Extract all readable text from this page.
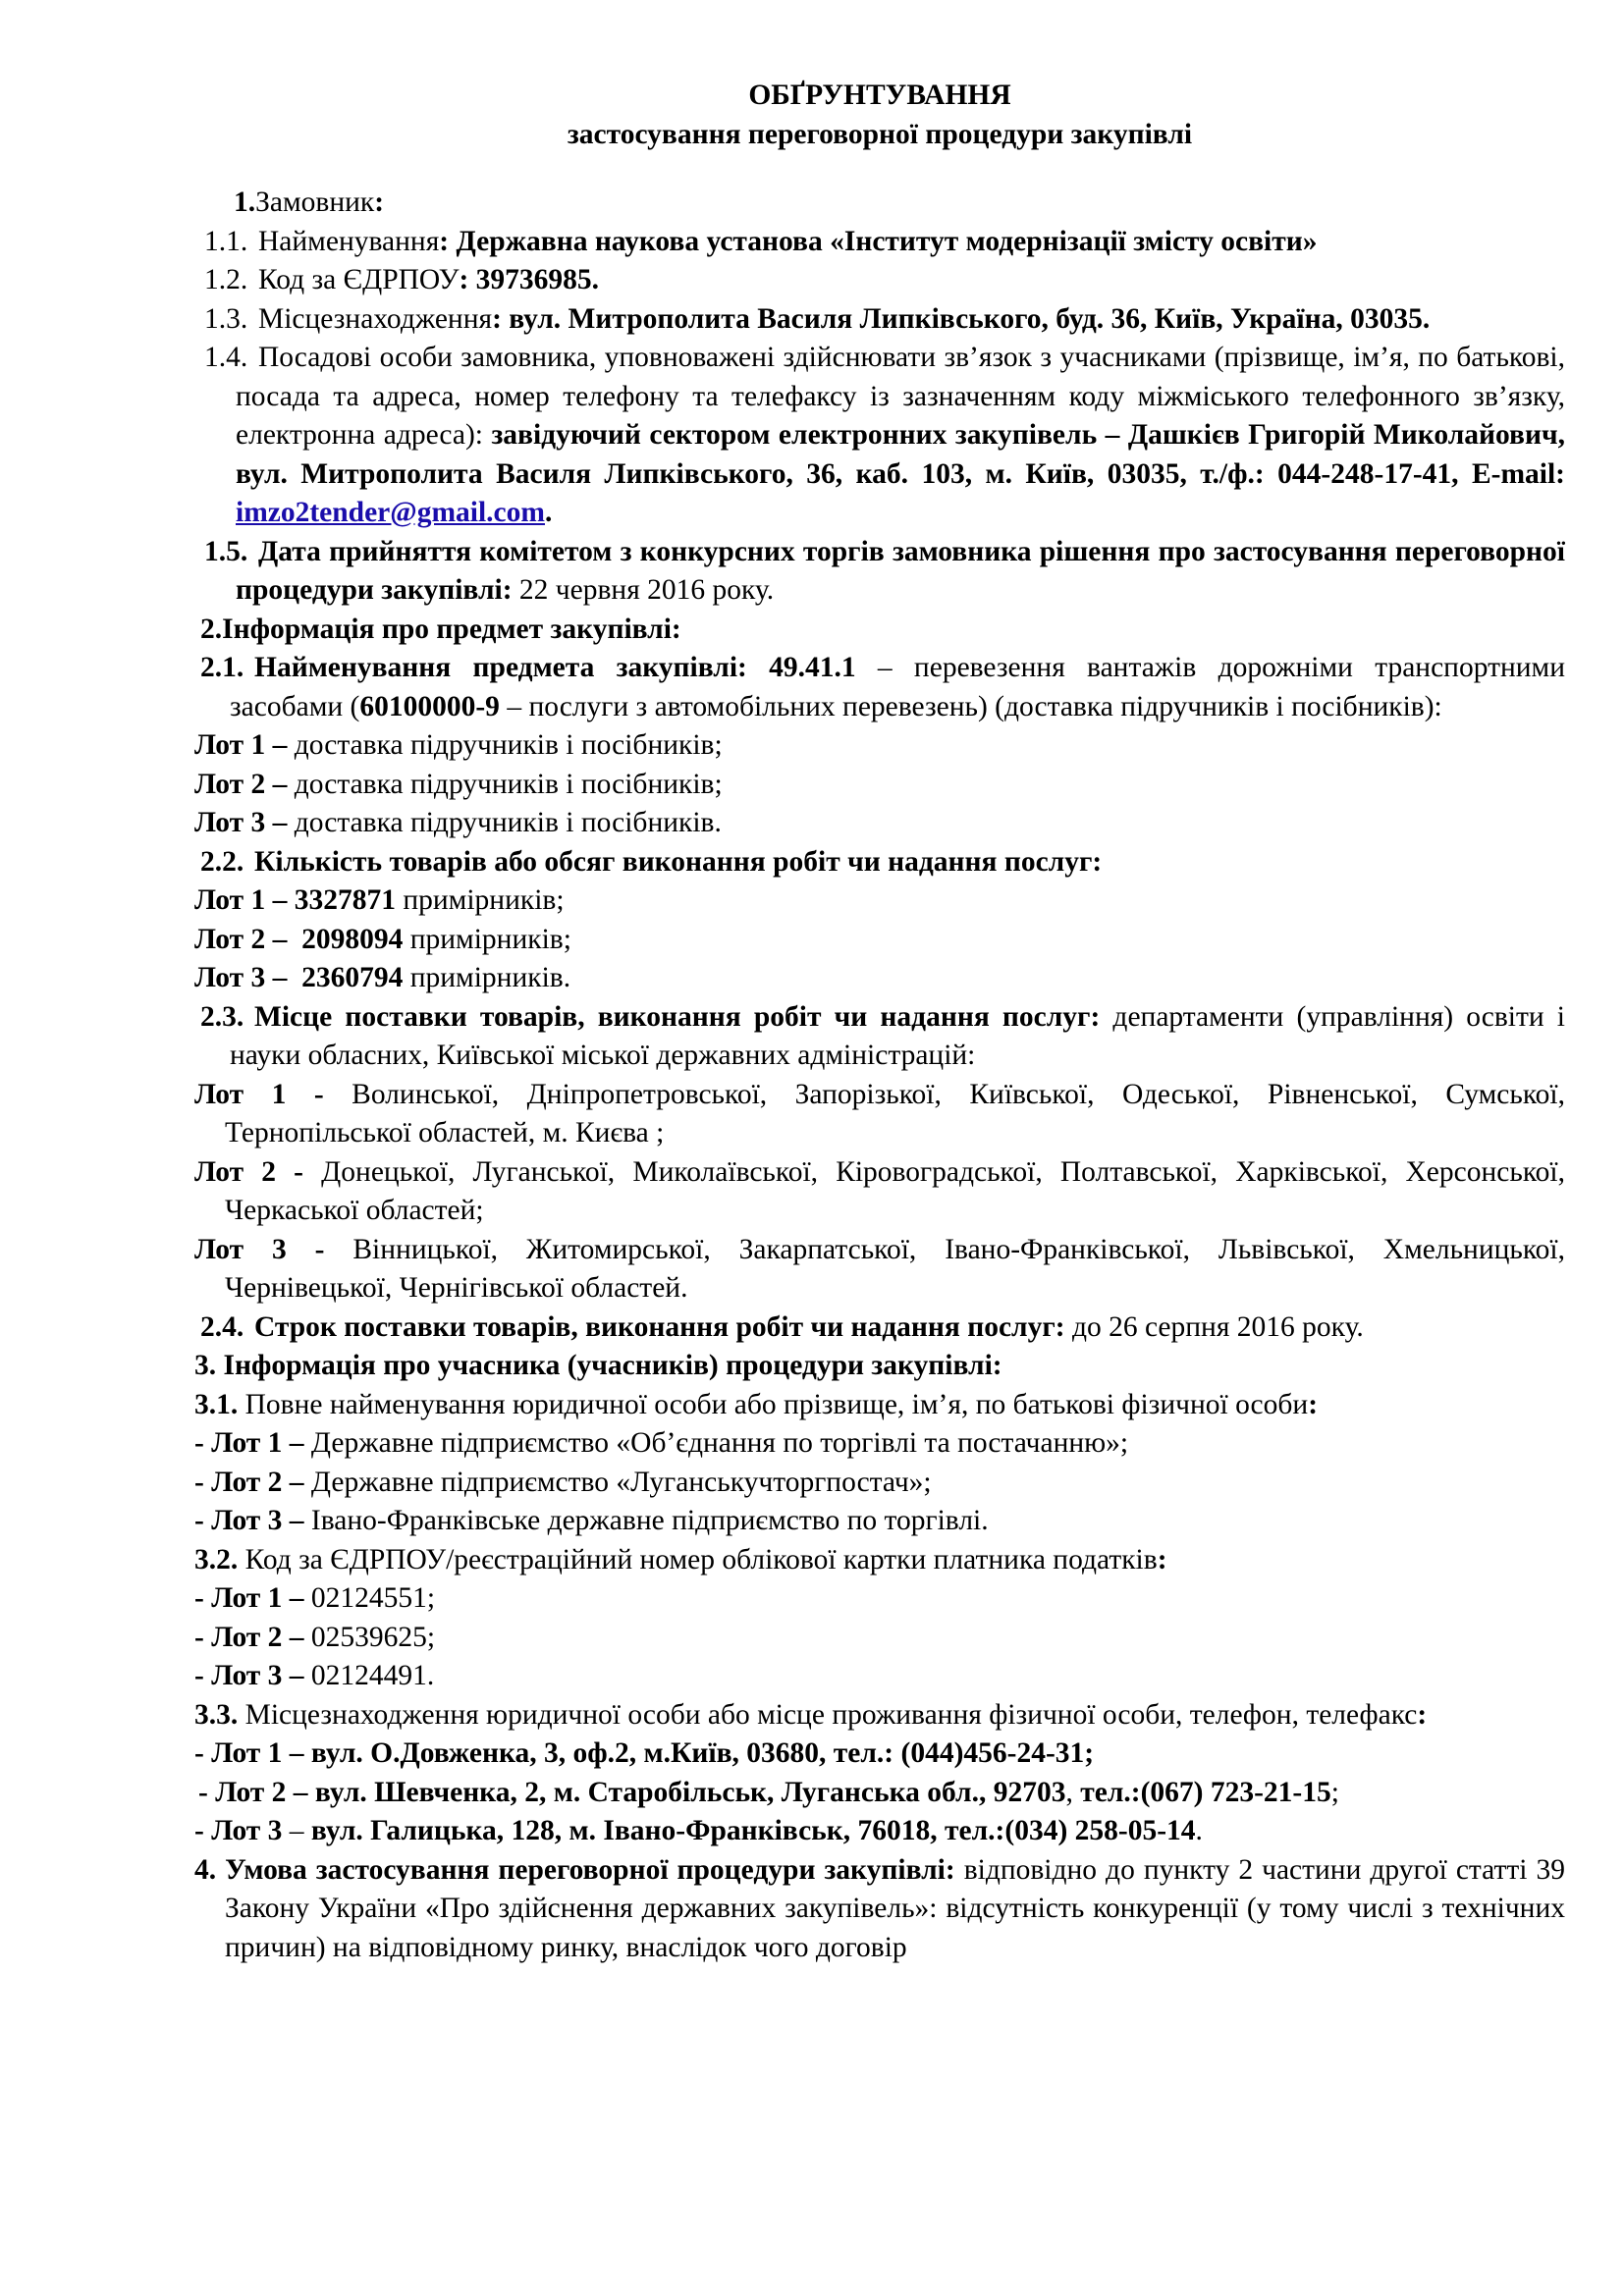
ОБҐРУНТУВАННЯ

застосування переговорної процедури закупівлі

1.Замовник:

1.1. Найменування: Державна наукова установа «Інститут модернізації змісту освіти»

1.2. Код за ЄДРПОУ: 39736985.

1.3. Місцезнаходження: вул. Митрополита Василя Липківського, буд. 36, Київ, Україна, 03035.

1.4. Посадові особи замовника, уповноважені здійснювати зв’язок з учасниками (прізвище, ім’я, по батькові, посада та адреса, номер телефону та телефаксу із зазначенням коду міжміського телефонного зв’язку, електронна адреса): завідуючий сектором електронних закупівель – Дашкієв Григорій Миколайович, вул. Митрополита Василя Липківського, 36, каб. 103, м. Київ, 03035, т./ф.: 044-248-17-41, E-mail: imzo2tender@gmail.com.

1.5. Дата прийняття комітетом з конкурсних торгів замовника рішення про застосування переговорної процедури закупівлі: 22 червня 2016 року.

2.Інформація про предмет закупівлі:

2.1. Найменування предмета закупівлі: 49.41.1 – перевезення вантажів дорожніми транспортними засобами (60100000-9 – послуги з автомобільних перевезень) (доставка підручників і посібників):

Лот 1 – доставка підручників і посібників;

Лот 2 – доставка підручників і посібників;

Лот 3 – доставка підручників і посібників.

2.2. Кількість товарів або обсяг виконання робіт чи надання послуг:

Лот 1 – 3327871 примірників;

Лот 2 –  2098094 примірників;

Лот 3 –  2360794 примірників.

2.3. Місце поставки товарів, виконання робіт чи надання послуг: департаменти (управління) освіти і науки обласних, Київської міської державних адміністрацій:

Лот 1 - Волинської, Дніпропетровської, Запорізької, Київської, Одеської, Рівненської, Сумської, Тернопільської областей, м. Києва ;

Лот 2 - Донецької, Луганської, Миколаївської, Кіровоградської, Полтавської, Харківської, Херсонської, Черкаської областей;

Лот 3 - Вінницької, Житомирської, Закарпатської, Івано-Франківської, Львівської, Хмельницької, Чернівецької, Чернігівської областей.

2.4. Строк поставки товарів, виконання робіт чи надання послуг: до 26 серпня 2016 року.

3. Інформація про учасника (учасників) процедури закупівлі:

3.1. Повне найменування юридичної особи або прізвище, ім’я, по батькові фізичної особи:

- Лот 1 – Державне підприємство «Об’єднання по торгівлі та постачанню»;

- Лот 2 – Державне підприємство «Луганськучторгпостач»;

- Лот 3 – Івано-Франківське державне підприємство по торгівлі.

3.2. Код за ЄДРПОУ/реєстраційний номер облікової картки платника податків:

- Лот 1 – 02124551;

- Лот 2 – 02539625;

- Лот 3 – 02124491.

3.3. Місцезнаходження юридичної особи або місце проживання фізичної особи, телефон, телефакс:

- Лот 1 – вул. О.Довженка, 3, оф.2, м.Київ, 03680, тел.: (044)456-24-31;

- Лот 2 – вул. Шевченка, 2, м. Старобільськ, Луганська обл., 92703, тел.:(067) 723-21-15;

- Лот 3 – вул. Галицька, 128, м. Івано-Франківськ, 76018, тел.:(034) 258-05-14.

4. Умова застосування переговорної процедури закупівлі: відповідно до пункту 2 частини другої статті 39 Закону України «Про здійснення державних закупівель»: відсутність конкуренції (у тому числі з технічних причин) на відповідному ринку, внаслідок чого договір
